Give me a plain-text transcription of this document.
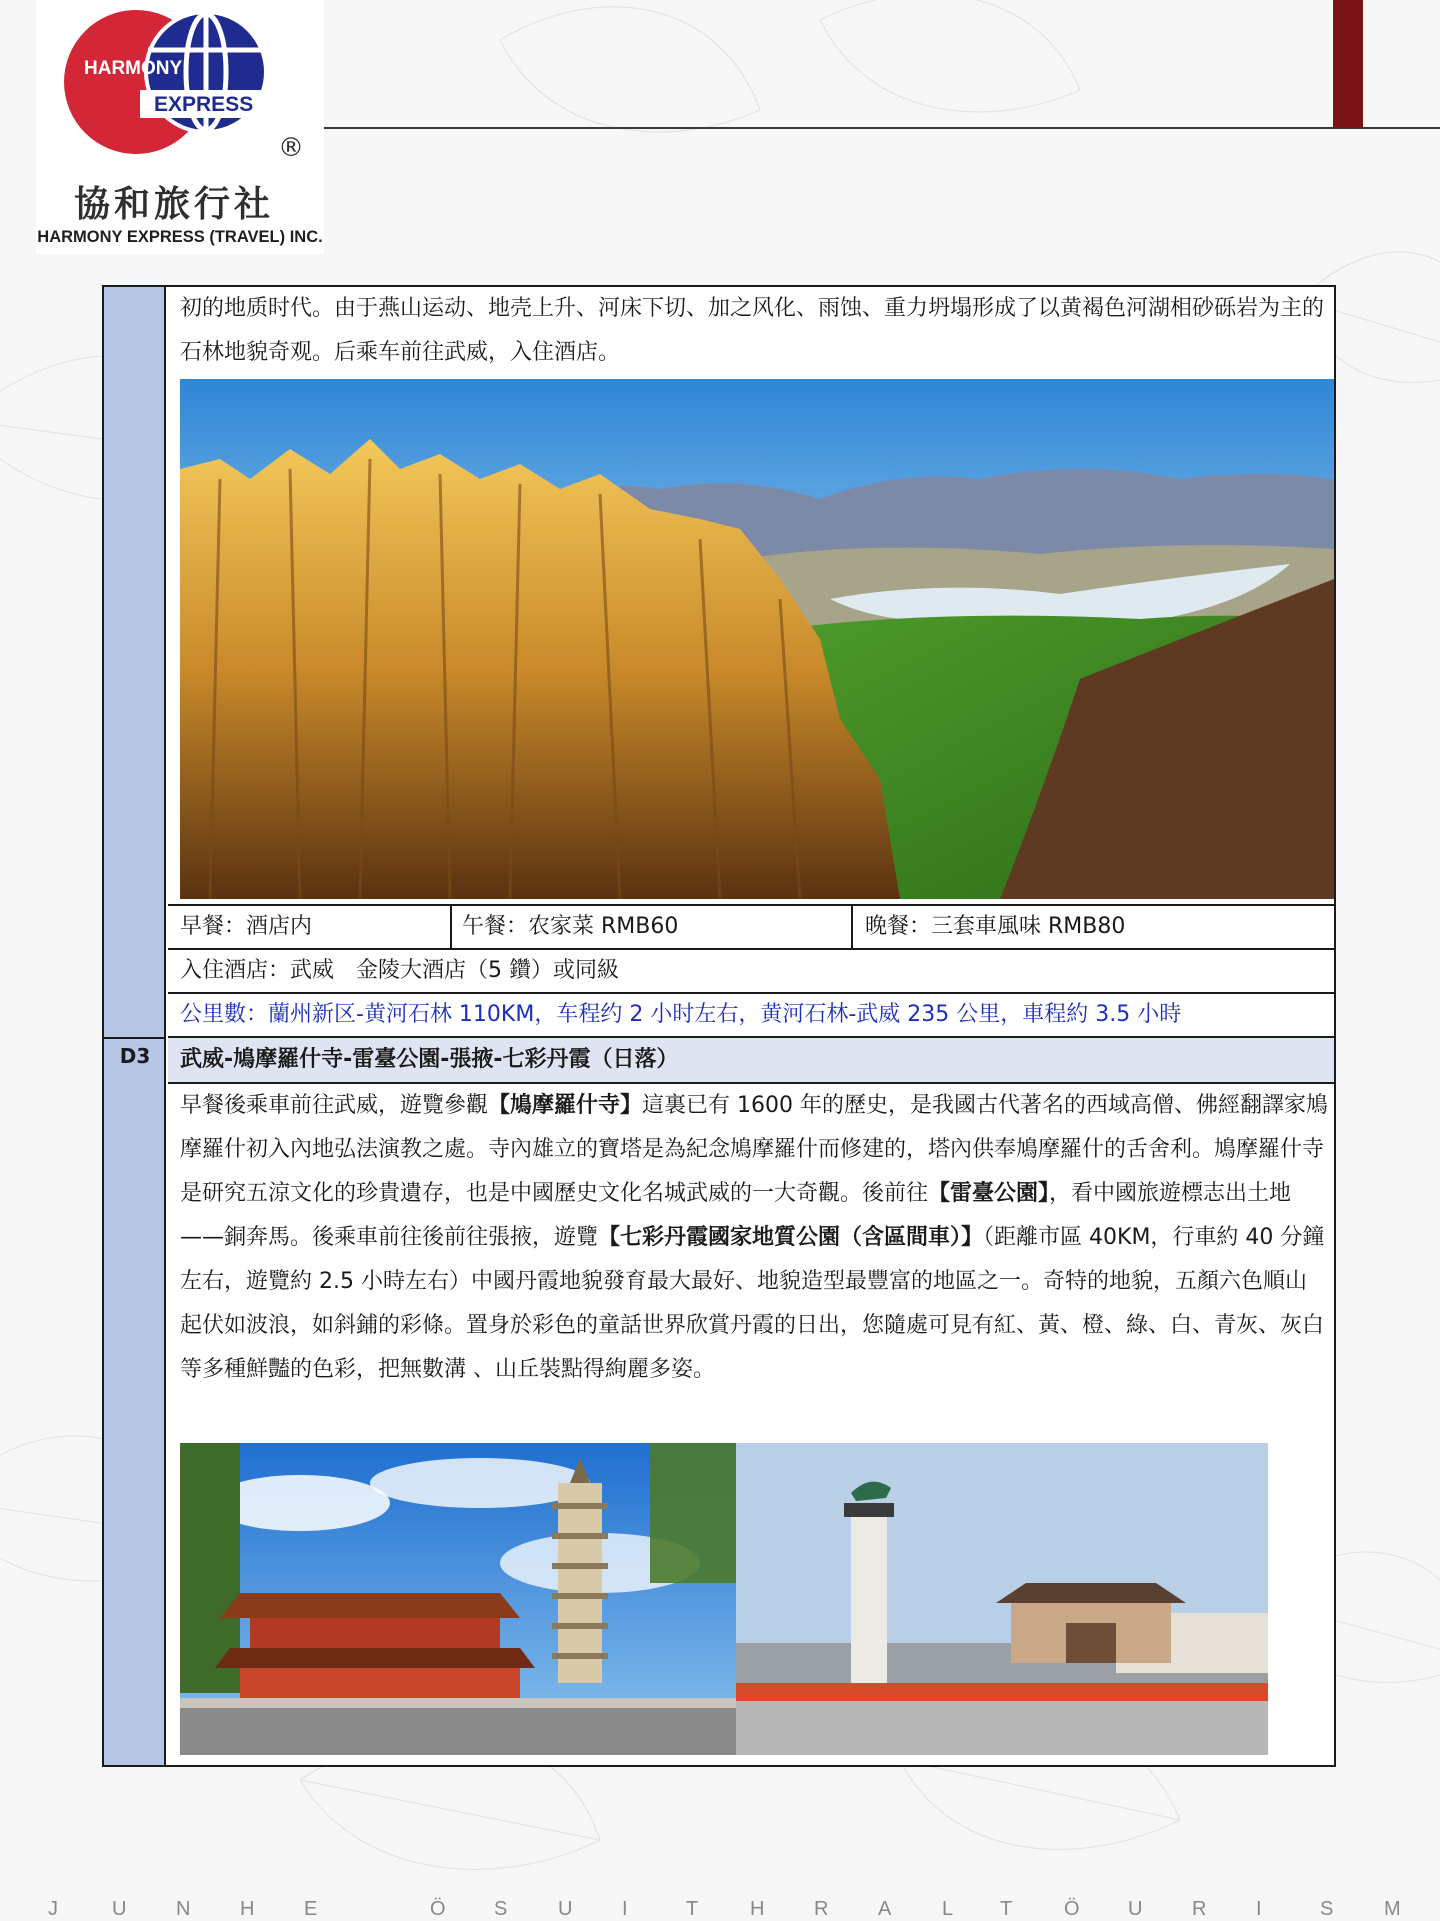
HARMONY
EXPRESS
®
協和旅行社
HARMONY EXPRESS (TRAVEL) INC.
D3
初的地质时代。由于燕山运动、地壳上升、河床下切、加之风化、雨蚀、重力坍塌形成了以黄褐色河湖相砂砾岩为主的石林地貌奇观。后乘车前往武威，入住酒店。
早餐：酒店内	午餐：农家菜 RMB60	晚餐：三套車風味 RMB80
入住酒店：武威　金陵大酒店（5 鑽）或同級
公里數：蘭州新区-黄河石林 110KM，车程约 2 小时左右，黄河石林-武威 235 公里，車程約 3.5 小時
武威-鳩摩羅什寺-雷臺公園-張掖-七彩丹霞（日落）
早餐後乘車前往武威，遊覽參觀【鳩摩羅什寺】這裏已有 1600 年的歷史，是我國古代著名的西域高僧、佛經翻譯家鳩摩羅什初入內地弘法演教之處。寺內雄立的寶塔是為紀念鳩摩羅什而修建的，塔內供奉鳩摩羅什的舌舍利。鳩摩羅什寺是研究五涼文化的珍貴遺存，也是中國歷史文化名城武威的一大奇觀。後前往【雷臺公園】，看中國旅遊標志出土地——銅奔馬。後乘車前往後前往張掖，遊覽【七彩丹霞國家地質公園（含區間車）】（距離市區 40KM，行車約 40 分鐘左右，遊覽約 2.5 小時左右）中國丹霞地貌發育最大最好、地貌造型最豐富的地區之一。奇特的地貌，五顏六色順山起伏如波浪，如斜鋪的彩條。置身於彩色的童話世界欣賞丹霞的日出，您隨處可見有紅、黃、橙、綠、白、青灰、灰白等多種鮮豔的色彩，把無數溝 、山丘裝點得絢麗多姿。
J	U N H E	Ö S	U I	T	H R A	L T	Ö U R I	S	M
